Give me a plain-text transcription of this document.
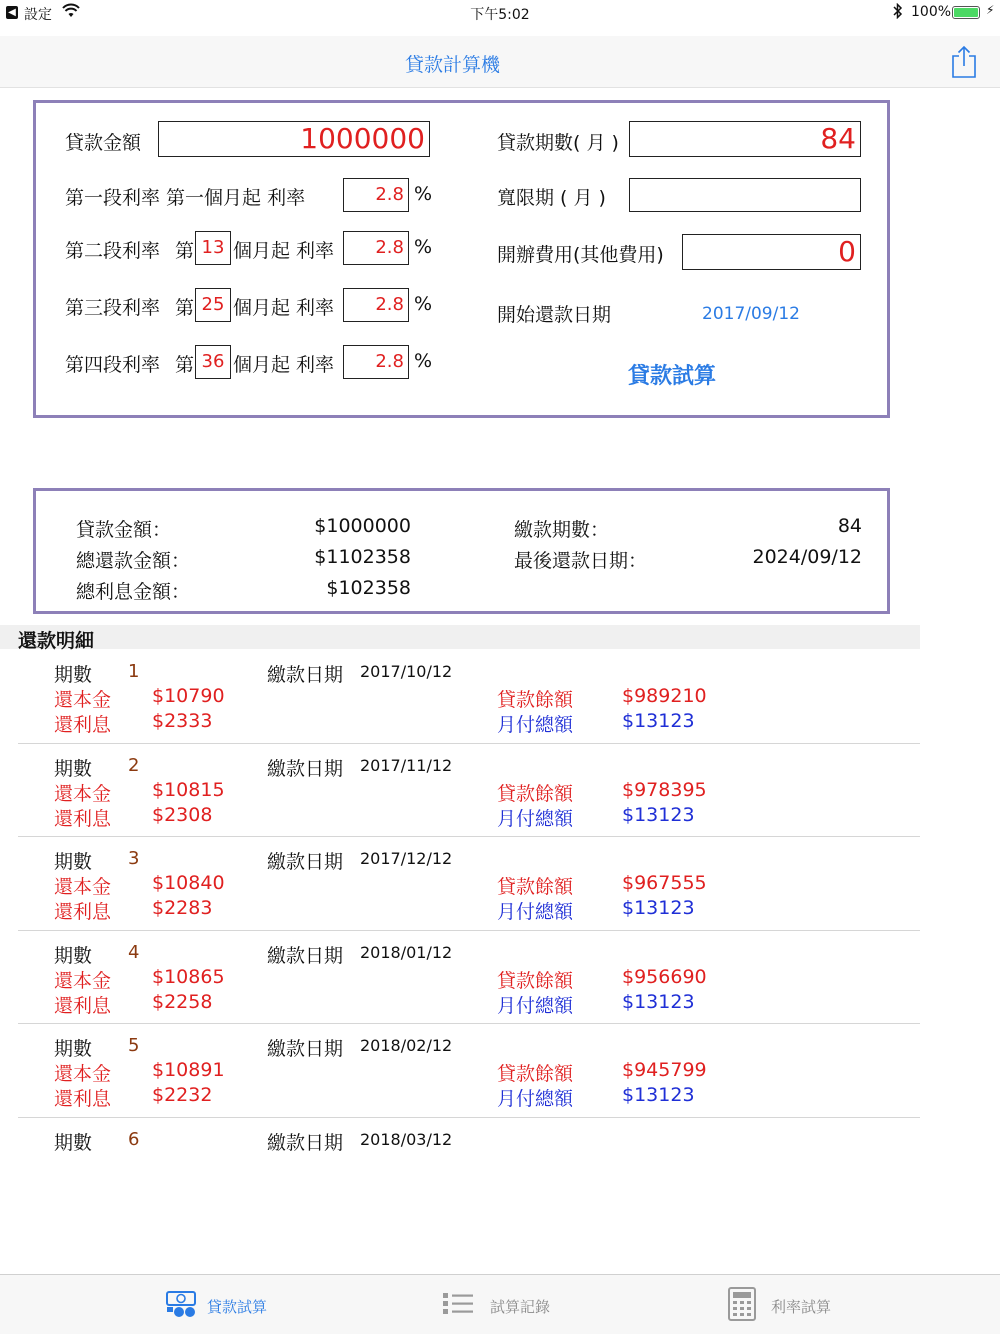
◀ 設定	下午5:02	100%	⚡
貸款計算機
貸款金額	1000000	貸款期數( 月 )	84
第一段利率 第一個月起 利率	2.8 %	寬限期 ( 月 )
第二段利率 第 13 個月起 利率	2.8 %	開辦費用(其他費用)	0
第三段利率 第 25 個月起 利率	2.8 %	開始還款日期	2017/09/12
第四段利率 第 36 個月起 利率	2.8 %
貸款試算
貸款金額：	$1000000
總還款金額：	$1102358
總利息金額：	$102358
繳款期數：	84
最後還款日期：	2024/09/12
還款明細
期數 1	繳款日期 2017/10/12
還本金 $10790
還利息 $2333
貸款餘額	$989210
月付總額	$13123
期數 2	繳款日期 2017/11/12
還本金 $10815
還利息 $2308
貸款餘額	$978395
月付總額	$13123
期數 3	繳款日期 2017/12/12
還本金 $10840
還利息 $2283
貸款餘額	$967555
月付總額	$13123
期數 4	繳款日期 2018/01/12
還本金 $10865
還利息 $2258
貸款餘額	$956690
月付總額	$13123
期數 5	繳款日期 2018/02/12
還本金 $10891
還利息 $2232
貸款餘額	$945799
月付總額	$13123
期數 6	繳款日期 2018/03/12
貸款試算	試算記錄	利率試算
